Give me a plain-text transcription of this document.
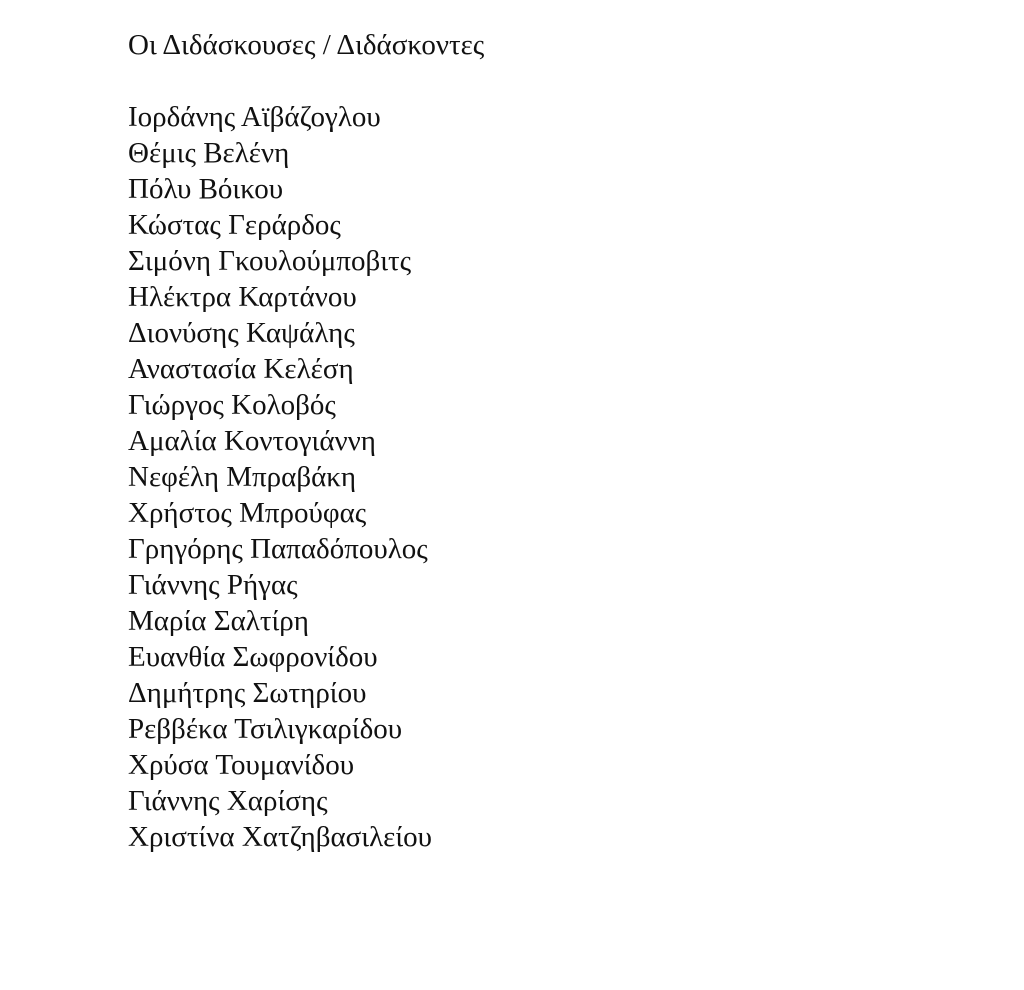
Οι Διδάσκουσες / Διδάσκοντες
Ιορδάνης Αϊβάζογλου
Θέμις Βελένη
Πόλυ Βόικου
Κώστας Γεράρδος
Σιμόνη Γκουλούμποβιτς
Ηλέκτρα Καρτάνου
Διονύσης Καψάλης
Αναστασία Κελέση
Γιώργος Κολοβός
Αμαλία Κοντογιάννη
Νεφέλη Μπραβάκη
Χρήστος Μπρούφας
Γρηγόρης Παπαδόπουλος
Γιάννης Ρήγας
Μαρία Σαλτίρη
Ευανθία Σωφρονίδου
Δημήτρης Σωτηρίου
Ρεββέκα Τσιλιγκαρίδου
Χρύσα Τουμανίδου
Γιάννης Χαρίσης
Χριστίνα Χατζηβασιλείου
